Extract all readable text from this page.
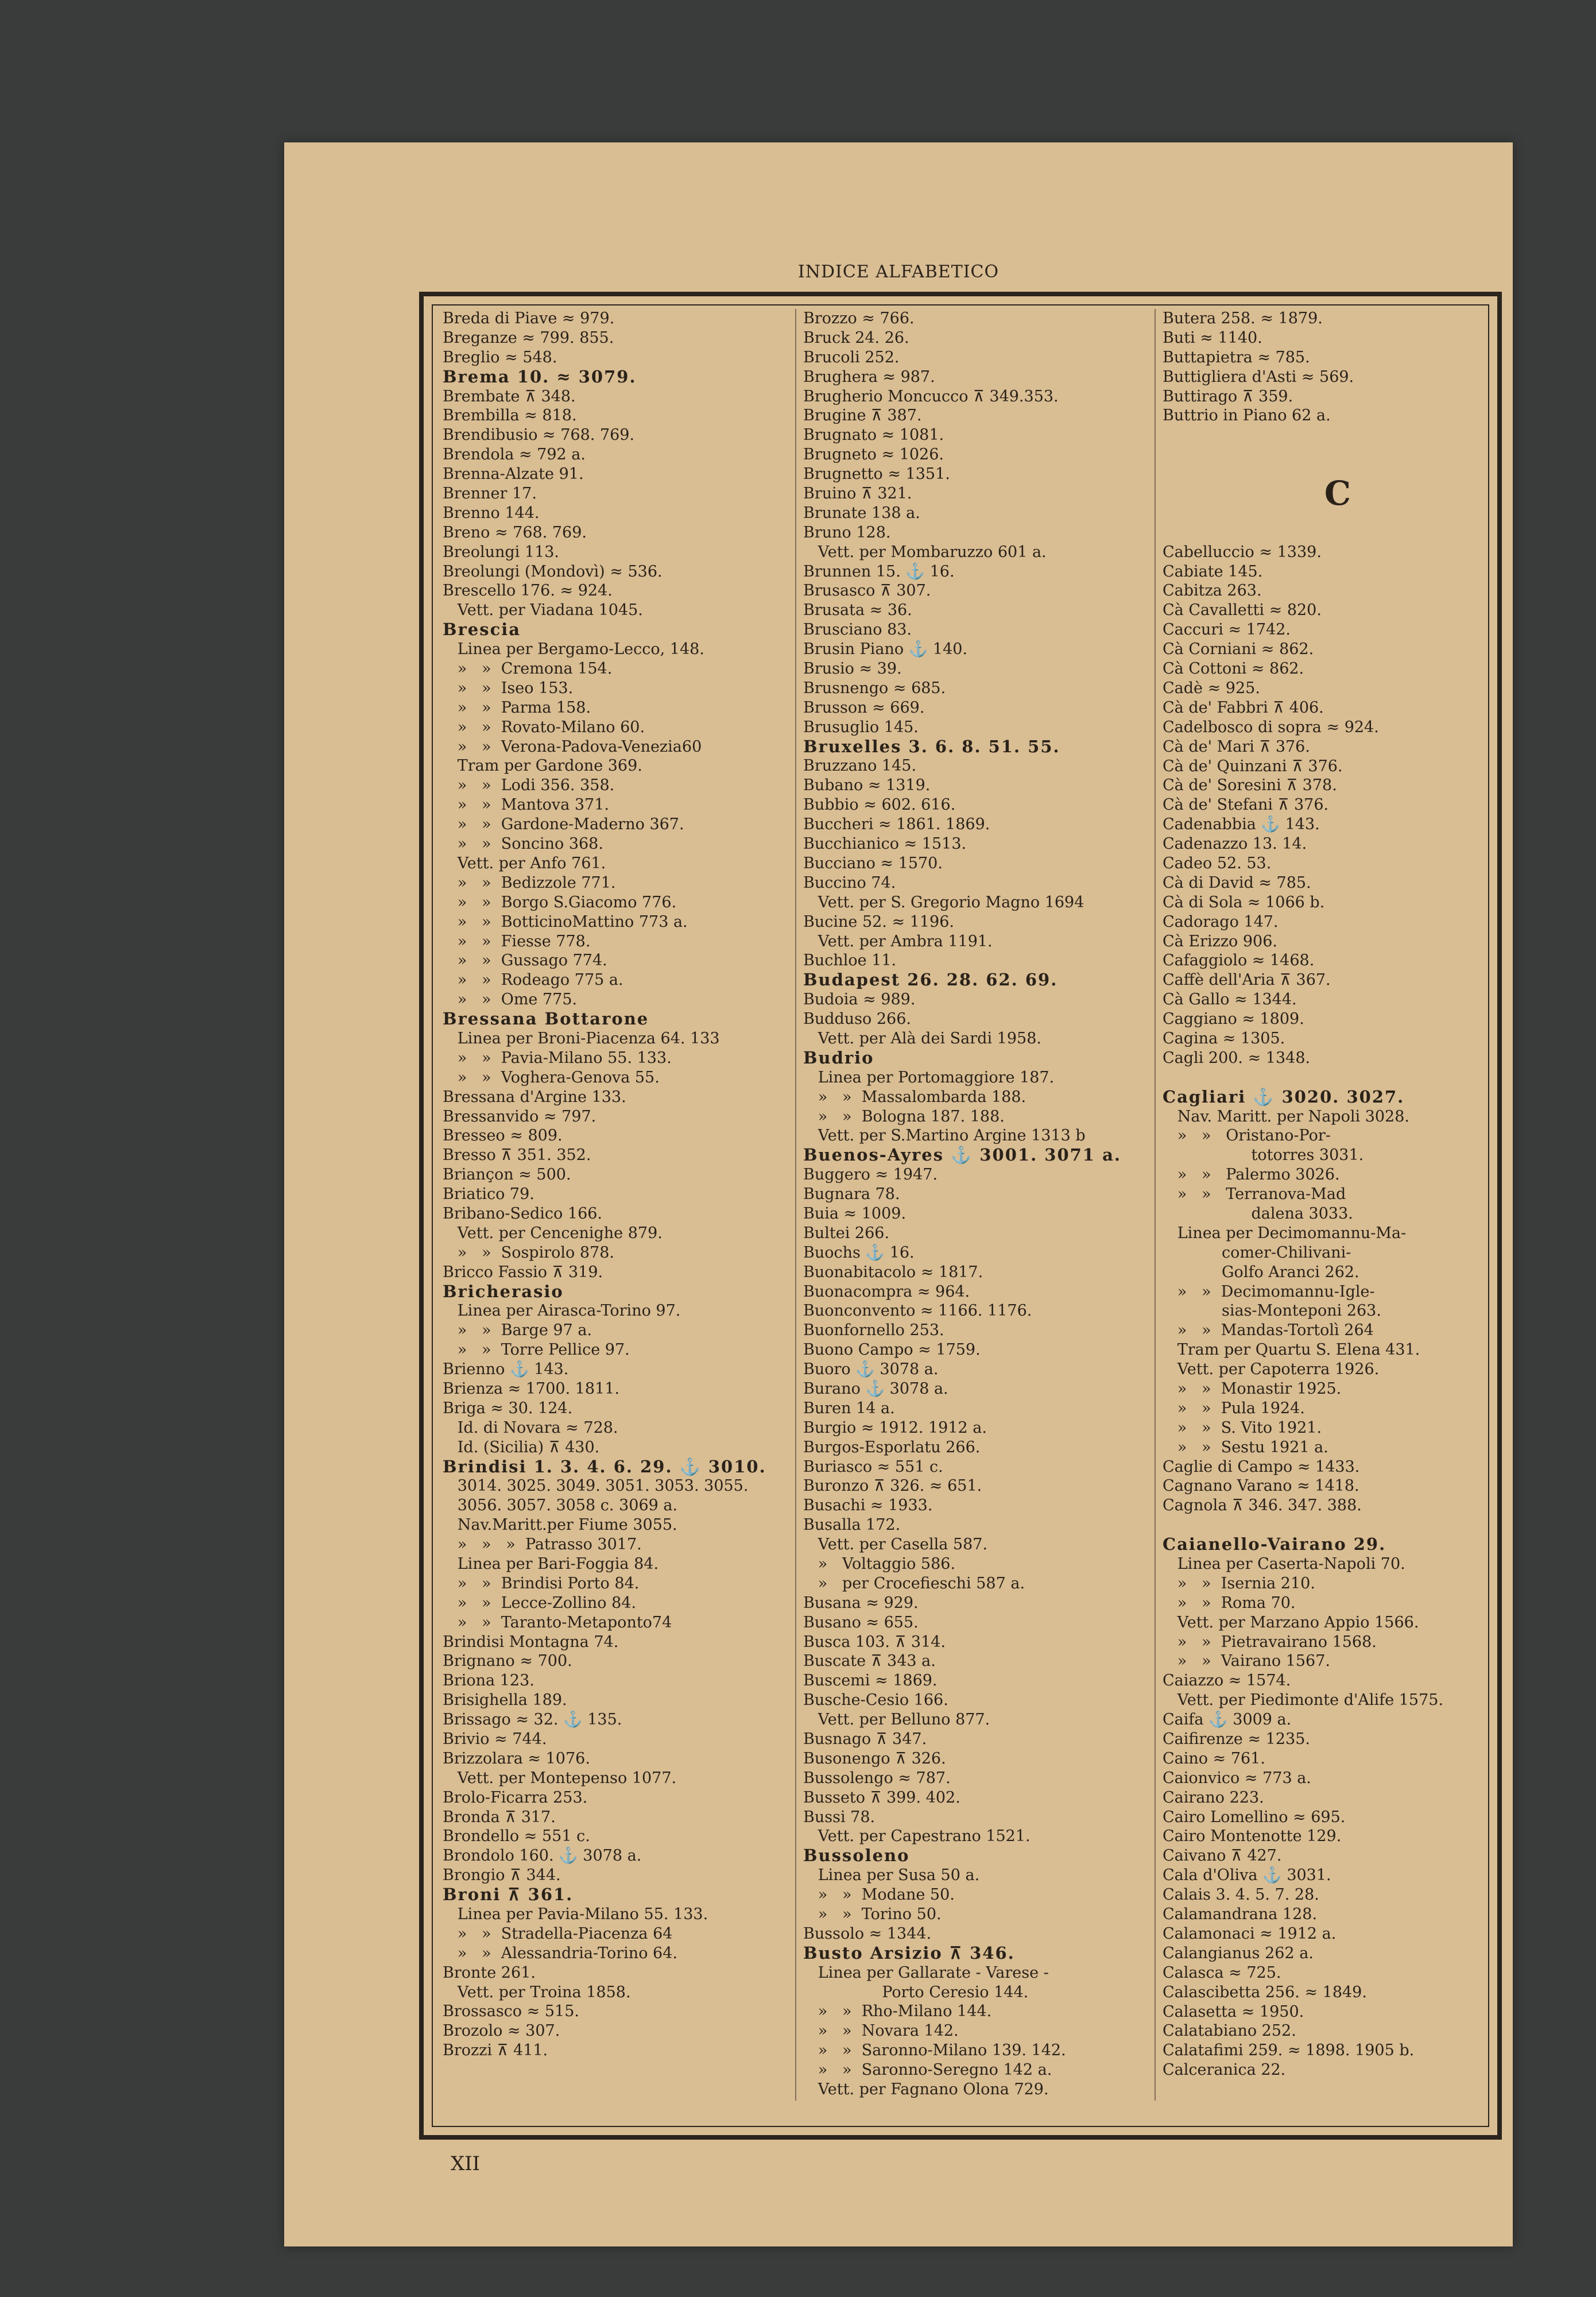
INDICE ALFABETICO
Breda di Piave ≈ 979.
Breganze ≈ 799. 855.
Breglio ≈ 548.
Brema 10. ≈ 3079.
Brembate ⊼ 348.
Brembilla ≈ 818.
Brendibusio ≈ 768. 769.
Brendola ≈ 792 a.
Brenna-Alzate 91.
Brenner 17.
Brenno 144.
Breno ≈ 768. 769.
Breolungi 113.
Breolungi (Mondovì) ≈ 536.
Brescello 176. ≈ 924.
Vett. per Viadana 1045.
Brescia
Linea per Bergamo-Lecco, 148.
»   »  Cremona 154.
»   »  Iseo 153.
»   »  Parma 158.
»   »  Rovato-Milano 60.
»   »  Verona-Padova-Venezia60
Tram per Gardone 369.
»   »  Lodi 356. 358.
»   »  Mantova 371.
»   »  Gardone-Maderno 367.
»   »  Soncino 368.
Vett. per Anfo 761.
»   »  Bedizzole 771.
»   »  Borgo S.Giacomo 776.
»   »  BotticinoMattino 773 a.
»   »  Fiesse 778.
»   »  Gussago 774.
»   »  Rodeago 775 a.
»   »  Ome 775.
Bressana Bottarone
Linea per Broni-Piacenza 64. 133
»   »  Pavia-Milano 55. 133.
»   »  Voghera-Genova 55.
Bressana d'Argine 133.
Bressanvido ≈ 797.
Bresseo ≈ 809.
Bresso ⊼ 351. 352.
Briançon ≈ 500.
Briatico 79.
Bribano-Sedico 166.
Vett. per Cencenighe 879.
»   »  Sospirolo 878.
Bricco Fassio ⊼ 319.
Bricherasio
Linea per Airasca-Torino 97.
»   »  Barge 97 a.
»   »  Torre Pellice 97.
Brienno ⚓ 143.
Brienza ≈ 1700. 1811.
Briga ≈ 30. 124.
Id. di Novara ≈ 728.
Id. (Sicilia) ⊼ 430.
Brindisi 1. 3. 4. 6. 29. ⚓ 3010.
3014. 3025. 3049. 3051. 3053. 3055.
3056. 3057. 3058 c. 3069 a.
Nav.Maritt.per Fiume 3055.
»   »   »  Patrasso 3017.
Linea per Bari-Foggia 84.
»   »  Brindisi Porto 84.
»   »  Lecce-Zollino 84.
»   »  Taranto-Metaponto74
Brindisi Montagna 74.
Brignano ≈ 700.
Briona 123.
Brisighella 189.
Brissago ≈ 32. ⚓ 135.
Brivio ≈ 744.
Brizzolara ≈ 1076.
Vett. per Montepenso 1077.
Brolo-Ficarra 253.
Bronda ⊼ 317.
Brondello ≈ 551 c.
Brondolo 160. ⚓ 3078 a.
Brongio ⊼ 344.
Broni ⊼ 361.
Linea per Pavia-Milano 55. 133.
»   »  Stradella-Piacenza 64
»   »  Alessandria-Torino 64.
Bronte 261.
Vett. per Troina 1858.
Brossasco ≈ 515.
Brozolo ≈ 307.
Brozzi ⊼ 411.
Brozzo ≈ 766.
Bruck 24. 26.
Brucoli 252.
Brughera ≈ 987.
Brugherio Moncucco ⊼ 349.353.
Brugine ⊼ 387.
Brugnato ≈ 1081.
Brugneto ≈ 1026.
Brugnetto ≈ 1351.
Bruino ⊼ 321.
Brunate 138 a.
Bruno 128.
Vett. per Mombaruzzo 601 a.
Brunnen 15. ⚓ 16.
Brusasco ⊼ 307.
Brusata ≈ 36.
Brusciano 83.
Brusin Piano ⚓ 140.
Brusio ≈ 39.
Brusnengo ≈ 685.
Brusson ≈ 669.
Brusuglio 145.
Bruxelles 3. 6. 8. 51. 55.
Bruzzano 145.
Bubano ≈ 1319.
Bubbio ≈ 602. 616.
Buccheri ≈ 1861. 1869.
Bucchianico ≈ 1513.
Bucciano ≈ 1570.
Buccino 74.
Vett. per S. Gregorio Magno 1694
Bucine 52. ≈ 1196.
Vett. per Ambra 1191.
Buchloe 11.
Budapest 26. 28. 62. 69.
Budoia ≈ 989.
Budduso 266.
Vett. per Alà dei Sardi 1958.
Budrio
Linea per Portomaggiore 187.
»   »  Massalombarda 188.
»   »  Bologna 187. 188.
Vett. per S.Martino Argine 1313 b
Buenos-Ayres ⚓ 3001. 3071 a.
Buggero ≈ 1947.
Bugnara 78.
Buia ≈ 1009.
Bultei 266.
Buochs ⚓ 16.
Buonabitacolo ≈ 1817.
Buonacompra ≈ 964.
Buonconvento ≈ 1166. 1176.
Buonfornello 253.
Buono Campo ≈ 1759.
Buoro ⚓ 3078 a.
Burano ⚓ 3078 a.
Buren 14 a.
Burgio ≈ 1912. 1912 a.
Burgos-Esporlatu 266.
Buriasco ≈ 551 c.
Buronzo ⊼ 326. ≈ 651.
Busachi ≈ 1933.
Busalla 172.
Vett. per Casella 587.
»   Voltaggio 586.
»   per Crocefieschi 587 a.
Busana ≈ 929.
Busano ≈ 655.
Busca 103. ⊼ 314.
Buscate ⊼ 343 a.
Buscemi ≈ 1869.
Busche-Cesio 166.
Vett. per Belluno 877.
Busnago ⊼ 347.
Busonengo ⊼ 326.
Bussolengo ≈ 787.
Busseto ⊼ 399. 402.
Bussi 78.
Vett. per Capestrano 1521.
Bussoleno
Linea per Susa 50 a.
»   »  Modane 50.
»   »  Torino 50.
Bussolo ≈ 1344.
Busto Arsizio ⊼ 346.
Linea per Gallarate - Varese -
Porto Ceresio 144.
»   »  Rho-Milano 144.
»   »  Novara 142.
»   »  Saronno-Milano 139. 142.
»   »  Saronno-Seregno 142 a.
Vett. per Fagnano Olona 729.
Butera 258. ≈ 1879.
Buti ≈ 1140.
Buttapietra ≈ 785.
Buttigliera d'Asti ≈ 569.
Buttirago ⊼ 359.
Buttrio in Piano 62 a.
C
Cabelluccio ≈ 1339.
Cabiate 145.
Cabitza 263.
Cà Cavalletti ≈ 820.
Caccuri ≈ 1742.
Cà Corniani ≈ 862.
Cà Cottoni ≈ 862.
Cadè ≈ 925.
Cà de' Fabbri ⊼ 406.
Cadelbosco di sopra ≈ 924.
Cà de' Mari ⊼ 376.
Cà de' Quinzani ⊼ 376.
Cà de' Soresini ⊼ 378.
Cà de' Stefani ⊼ 376.
Cadenabbia ⚓ 143.
Cadenazzo 13. 14.
Cadeo 52. 53.
Cà di David ≈ 785.
Cà di Sola ≈ 1066 b.
Cadorago 147.
Cà Erizzo 906.
Cafaggiolo ≈ 1468.
Caffè dell'Aria ⊼ 367.
Cà Gallo ≈ 1344.
Caggiano ≈ 1809.
Cagina ≈ 1305.
Cagli 200. ≈ 1348.
Cagliari ⚓ 3020. 3027.
Nav. Maritt. per Napoli 3028.
»   »   Oristano-Por-
totorres 3031.
»   »   Palermo 3026.
»   »   Terranova-Mad
dalena 3033.
Linea per Decimomannu-Ma-
comer-Chilivani-
Golfo Aranci 262.
»   »  Decimomannu-Igle-
sias-Monteponi 263.
»   »  Mandas-Tortolì 264
Tram per Quartu S. Elena 431.
Vett. per Capoterra 1926.
»   »  Monastir 1925.
»   »  Pula 1924.
»   »  S. Vito 1921.
»   »  Sestu 1921 a.
Caglie di Campo ≈ 1433.
Cagnano Varano ≈ 1418.
Cagnola ⊼ 346. 347. 388.
Caianello-Vairano 29.
Linea per Caserta-Napoli 70.
»   »  Isernia 210.
»   »  Roma 70.
Vett. per Marzano Appio 1566.
»   »  Pietravairano 1568.
»   »  Vairano 1567.
Caiazzo ≈ 1574.
Vett. per Piedimonte d'Alife 1575.
Caifa ⚓ 3009 a.
Caifirenze ≈ 1235.
Caino ≈ 761.
Caionvico ≈ 773 a.
Cairano 223.
Cairo Lomellino ≈ 695.
Cairo Montenotte 129.
Caivano ⊼ 427.
Cala d'Oliva ⚓ 3031.
Calais 3. 4. 5. 7. 28.
Calamandrana 128.
Calamonaci ≈ 1912 a.
Calangianus 262 a.
Calasca ≈ 725.
Calascibetta 256. ≈ 1849.
Calasetta ≈ 1950.
Calatabiano 252.
Calatafimi 259. ≈ 1898. 1905 b.
Calceranica 22.
XII
